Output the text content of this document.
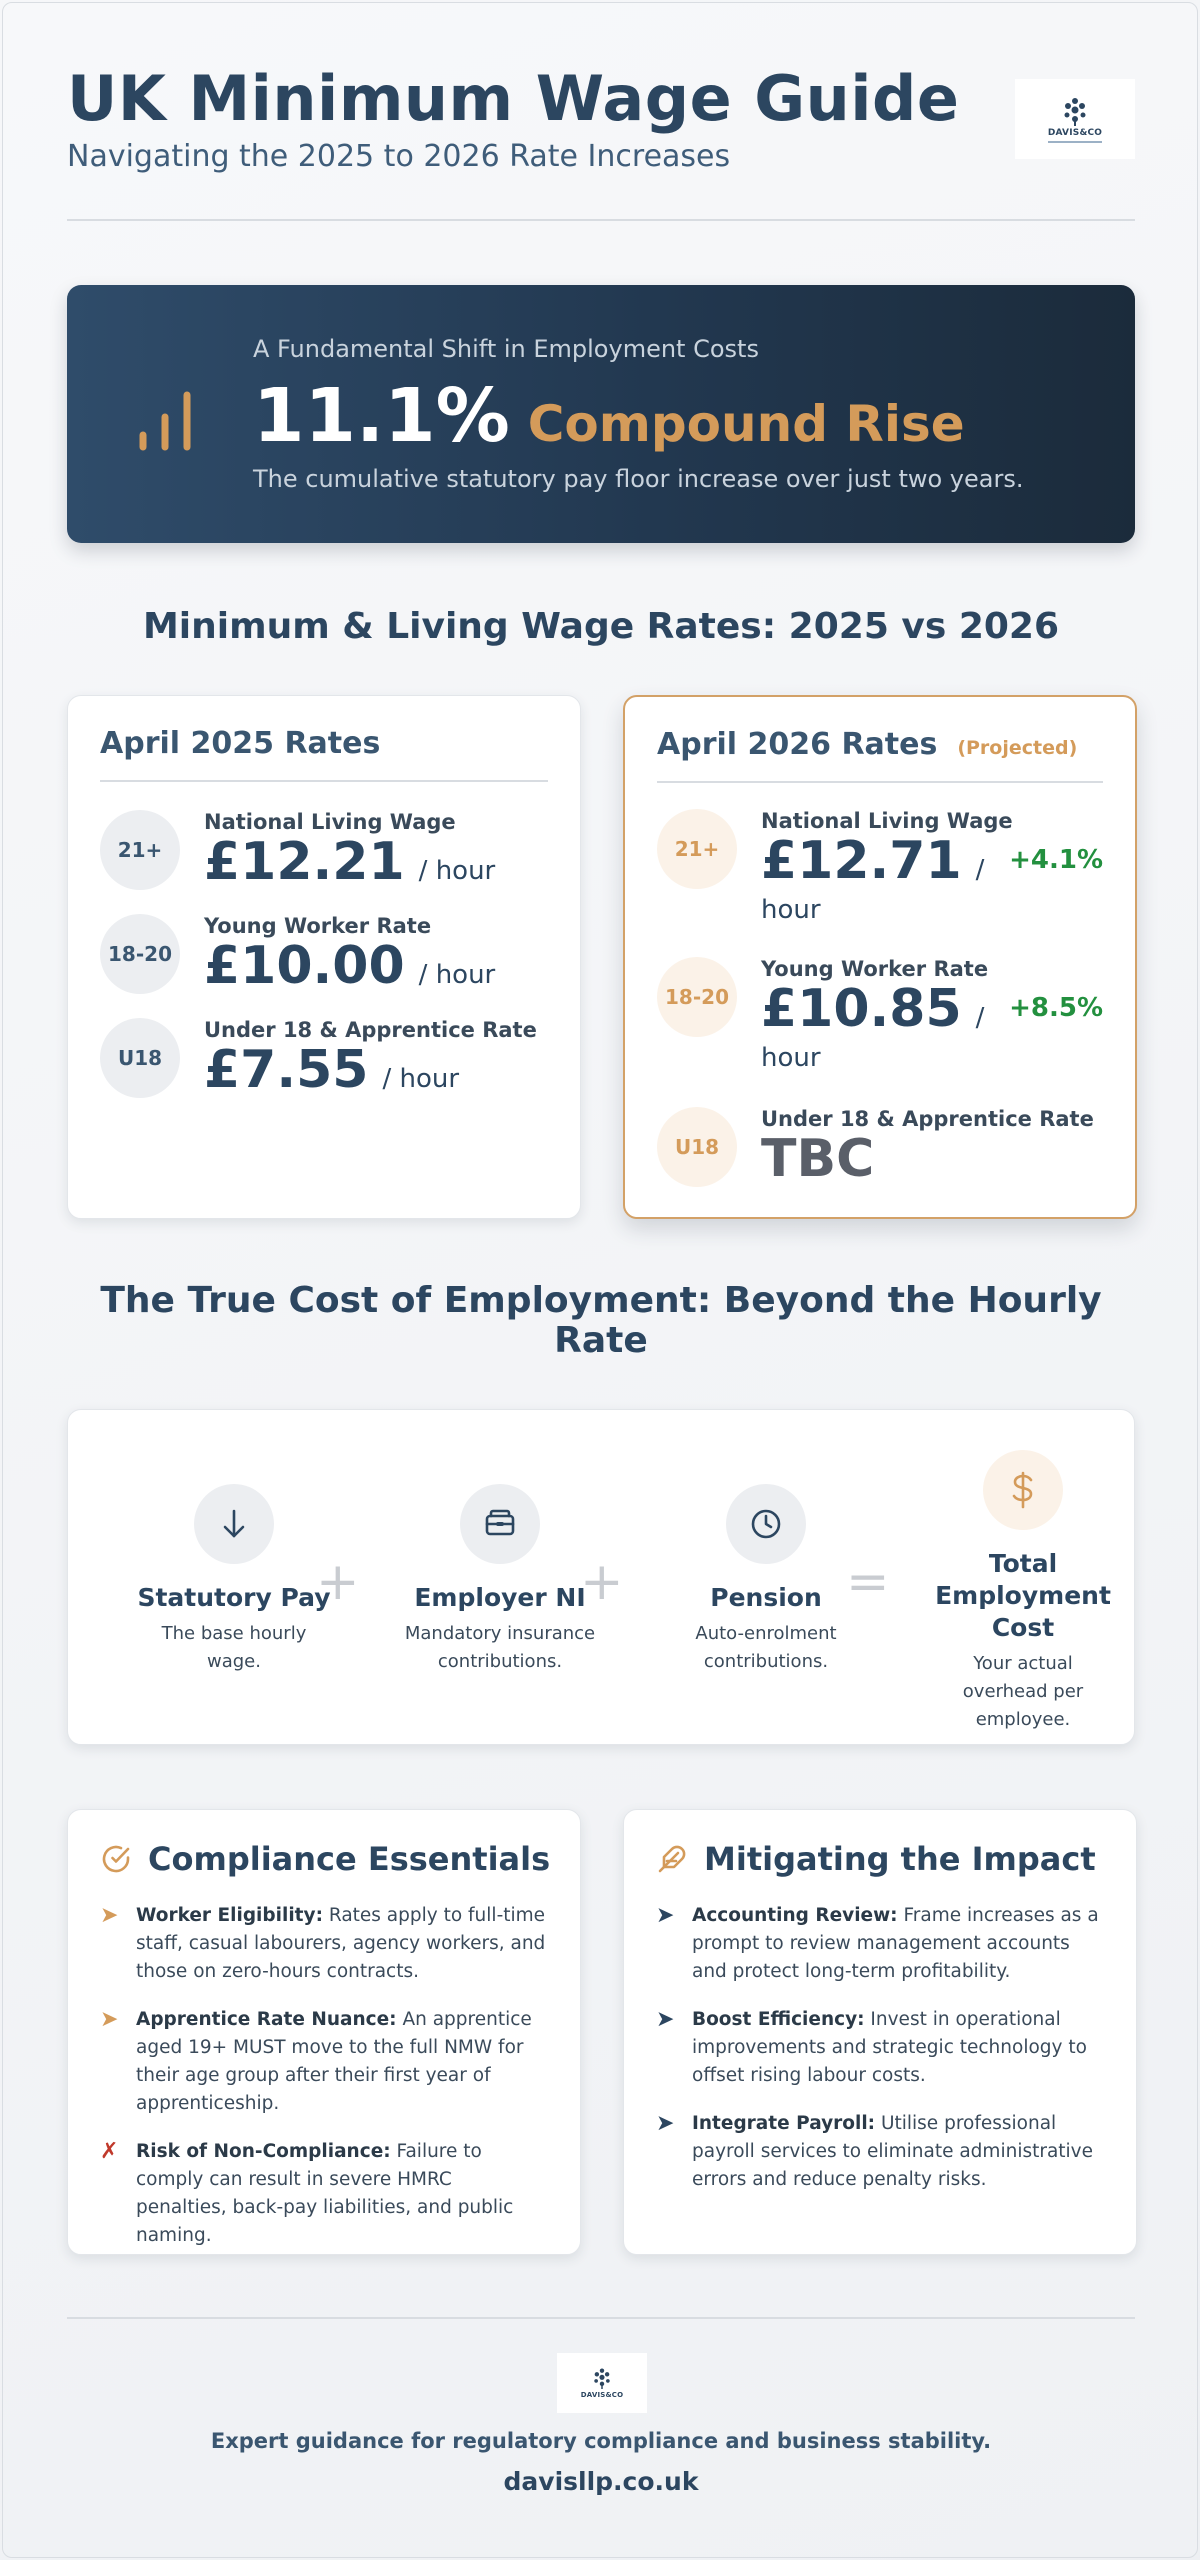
UK Minimum Wage Guide
Navigating the 2025 to 2026 Rate Increases
DAVIS&CO
A Fundamental Shift in Employment Costs
11.1% Compound Rise
The cumulative statutory pay floor increase over just two years.
Minimum & Living Wage Rates: 2025 vs 2026
April 2025 Rates
21+
National Living Wage
£12.21 / hour
18-20
Young Worker Rate
£10.00 / hour
U18
Under 18 & Apprentice Rate
£7.55 / hour
April 2026 Rates (Projected)
21+
National Living Wage
£12.71 /
hour
+4.1%
18-20
Young Worker Rate
£10.85 /
hour
+8.5%
U18
Under 18 & Apprentice Rate
TBC
The True Cost of Employment: Beyond the Hourly Rate
Statutory Pay
The base hourly wage.
+	Employer NI
Mandatory insurance contributions.
+	Pension
Auto-enrolment contributions.
=	Total Employment Cost
Your actual overhead per employee.
Compliance Essentials
➤ Worker Eligibility: Rates apply to full-time staff, casual labourers, agency workers, and those on zero-hours contracts.
➤ Apprentice Rate Nuance: An apprentice aged 19+ MUST move to the full NMW for their age group after their first year of apprenticeship.
✗ Risk of Non-Compliance: Failure to comply can result in severe HMRC penalties, back-pay liabilities, and public naming.
Mitigating the Impact
➤ Accounting Review: Frame increases as a prompt to review management accounts and protect long-term profitability.
➤ Boost Efficiency: Invest in operational improvements and strategic technology to offset rising labour costs.
➤ Integrate Payroll: Utilise professional payroll services to eliminate administrative errors and reduce penalty risks.
DAVIS&CO
Expert guidance for regulatory compliance and business stability.
davisllp.co.uk
